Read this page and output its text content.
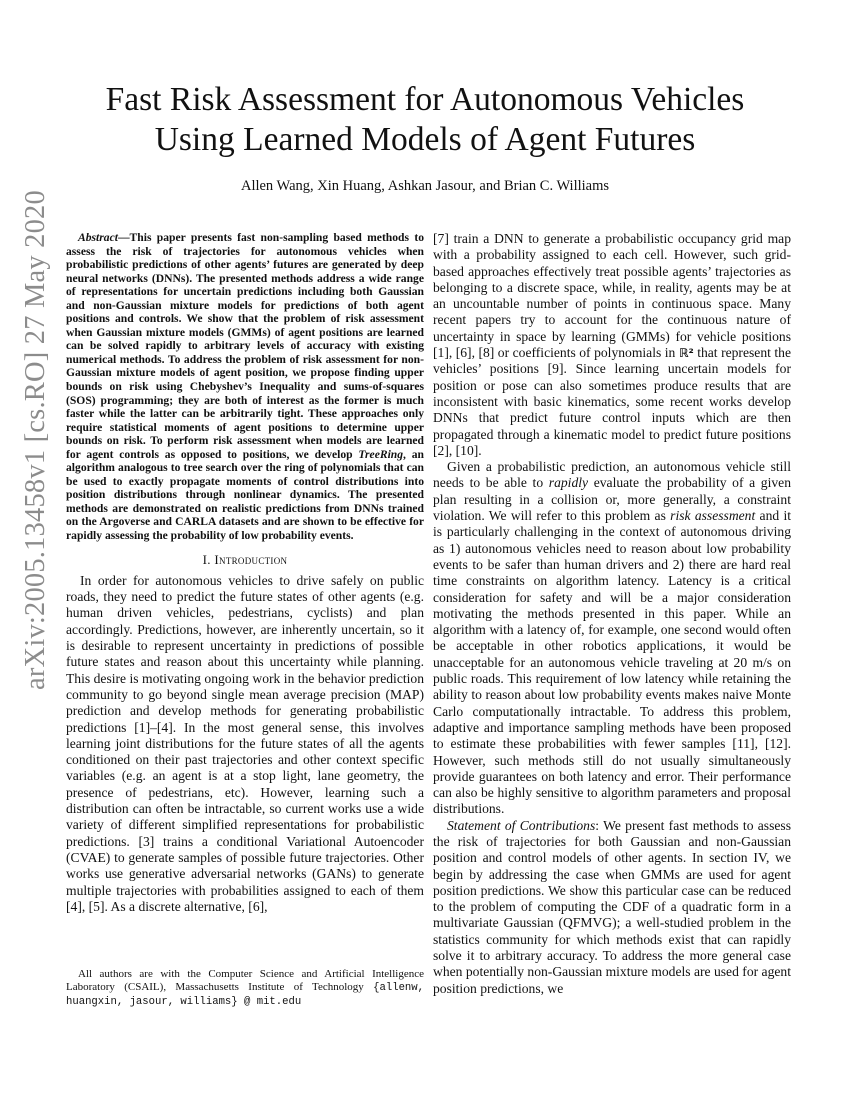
arXiv:2005.13458v1 [cs.RO] 27 May 2020
Fast Risk Assessment for Autonomous Vehicles
Using Learned Models of Agent Futures

Allen Wang, Xin Huang, Ashkan Jasour, and Brian C. Williams

Abstract—This paper presents fast non-sampling based methods to assess the risk of trajectories for autonomous vehicles when probabilistic predictions of other agents’ futures are generated by deep neural networks (DNNs). The presented methods address a wide range of representations for uncertain predictions including both Gaussian and non-Gaussian mixture models for predictions of both agent positions and controls. We show that the problem of risk assessment when Gaussian mixture models (GMMs) of agent positions are learned can be solved rapidly to arbitrary levels of accuracy with existing numerical methods. To address the problem of risk assessment for non-Gaussian mixture models of agent position, we propose finding upper bounds on risk using Chebyshev’s Inequality and sums-of-squares (SOS) programming; they are both of interest as the former is much faster while the latter can be arbitrarily tight. These approaches only require statistical moments of agent positions to determine upper bounds on risk. To perform risk assessment when models are learned for agent controls as opposed to positions, we develop TreeRing, an algorithm analogous to tree search over the ring of polynomials that can be used to exactly propagate moments of control distributions into position distributions through nonlinear dynamics. The presented methods are demonstrated on realistic predictions from DNNs trained on the Argoverse and CARLA datasets and are shown to be effective for rapidly assessing the probability of low probability events.

I. Introduction

In order for autonomous vehicles to drive safely on public roads, they need to predict the future states of other agents (e.g. human driven vehicles, pedestrians, cyclists) and plan accordingly. Predictions, however, are inherently uncertain, so it is desirable to represent uncertainty in predictions of possible future states and reason about this uncertainty while planning. This desire is motivating ongoing work in the behavior prediction community to go beyond single mean average precision (MAP) prediction and develop methods for generating probabilistic predictions [1]–[4]. In the most general sense, this involves learning joint distributions for the future states of all the agents conditioned on their past trajectories and other context specific variables (e.g. an agent is at a stop light, lane geometry, the presence of pedestrians, etc). However, learning such a distribution can often be intractable, so current works use a wide variety of different simplified representations for probabilistic predictions. [3] trains a conditional Variational Autoencoder (CVAE) to generate samples of possible future trajectories. Other works use generative adversarial networks (GANs) to generate multiple trajectories with probabilities assigned to each of them [4], [5]. As a discrete alternative, [6],

All authors are with the Computer Science and Artificial Intelligence Laboratory (CSAIL), Massachusetts Institute of Technology {allenw, huangxin, jasour, williams} @ mit.edu

[7] train a DNN to generate a probabilistic occupancy grid map with a probability assigned to each cell. However, such grid-based approaches effectively treat possible agents’ trajectories as belonging to a discrete space, while, in reality, agents may be at an uncountable number of points in continuous space. Many recent papers try to account for the continuous nature of uncertainty in space by learning (GMMs) for vehicle positions [1], [6], [8] or coefficients of polynomials in ℝ² that represent the vehicles’ positions [9]. Since learning uncertain models for position or pose can also sometimes produce results that are inconsistent with basic kinematics, some recent works develop DNNs that predict future control inputs which are then propagated through a kinematic model to predict future positions [2], [10].

Given a probabilistic prediction, an autonomous vehicle still needs to be able to rapidly evaluate the probability of a given plan resulting in a collision or, more generally, a constraint violation. We will refer to this problem as risk assessment and it is particularly challenging in the context of autonomous driving as 1) autonomous vehicles need to reason about low probability events to be safer than human drivers and 2) there are hard real time constraints on algorithm latency. Latency is a critical consideration for safety and will be a major consideration motivating the methods presented in this paper. While an algorithm with a latency of, for example, one second would often be acceptable in other robotics applications, it would be unacceptable for an autonomous vehicle traveling at 20 m/s on public roads. This requirement of low latency while retaining the ability to reason about low probability events makes naive Monte Carlo computationally intractable. To address this problem, adaptive and importance sampling methods have been proposed to estimate these probabilities with fewer samples [11], [12]. However, such methods still do not usually simultaneously provide guarantees on both latency and error. Their performance can also be highly sensitive to algorithm parameters and proposal distributions.

Statement of Contributions: We present fast methods to assess the risk of trajectories for both Gaussian and non-Gaussian position and control models of other agents. In section IV, we begin by addressing the case when GMMs are used for agent position predictions. We show this particular case can be reduced to the problem of computing the CDF of a quadratic form in a multivariate Gaussian (QFMVG); a well-studied problem in the statistics community for which methods exist that can rapidly solve it to arbitrary accuracy. To address the more general case when potentially non-Gaussian mixture models are used for agent position predictions, we
